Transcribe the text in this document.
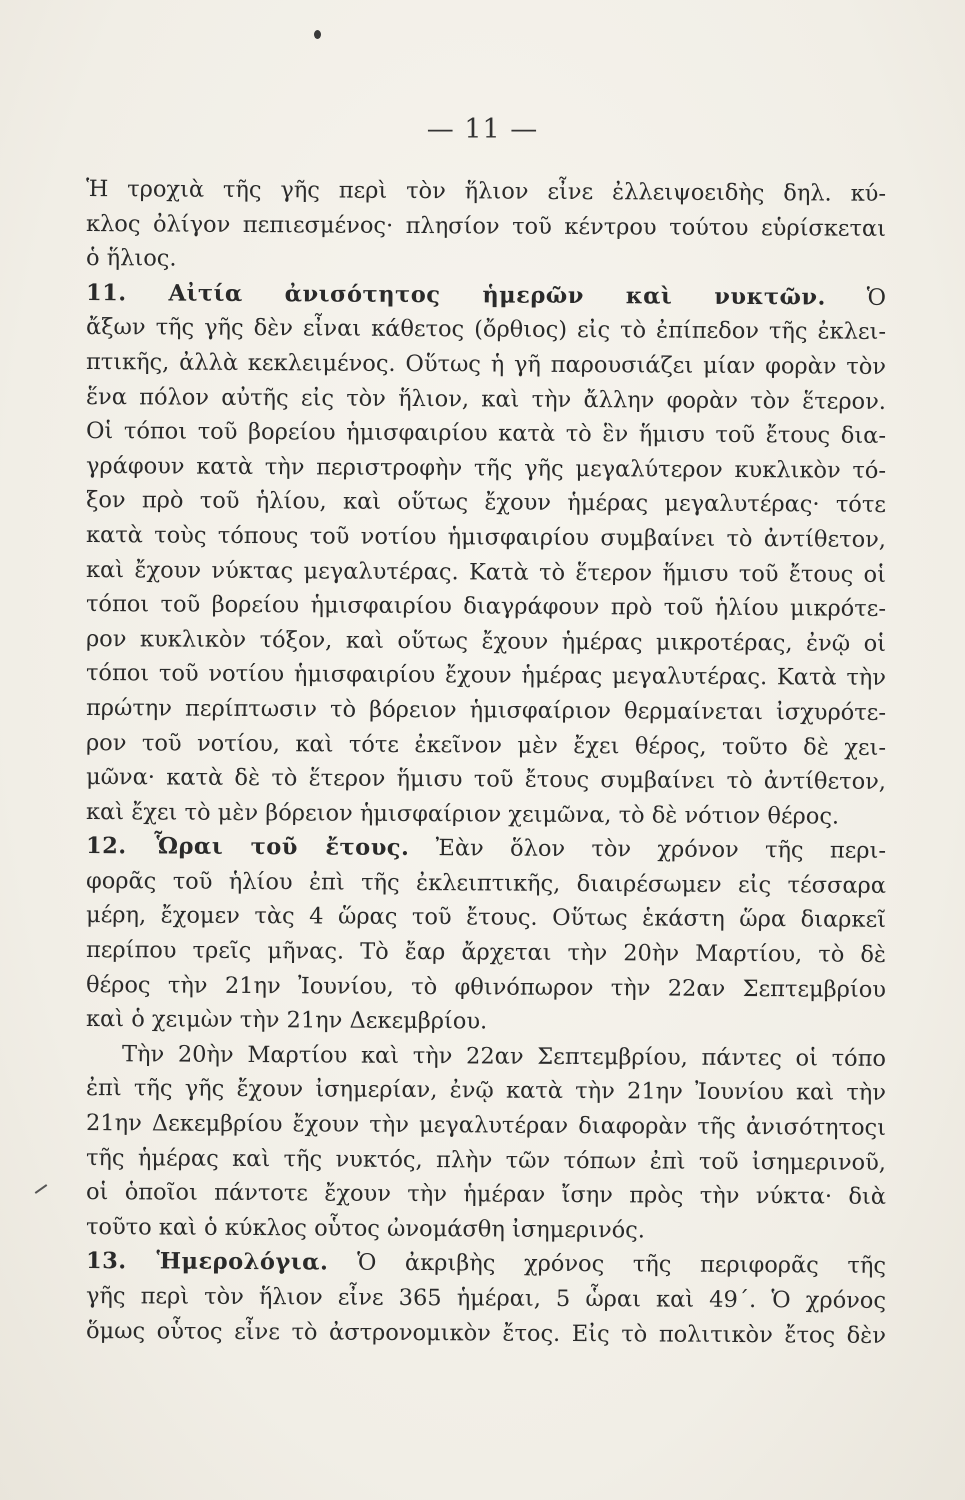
— 11 —
Ἡ τροχιὰ τῆς γῆς περὶ τὸν ἥλιον εἶνε ἐλλειψοειδὴς δηλ. κύ-
κλος ὀλίγον πεπιεσμένος· πλησίον τοῦ κέντρου τούτου εὑρίσκεται
ὁ ἥλιος.
11. Αἰτία ἀνισότητος ἡμερῶν καὶ νυκτῶν. Ὁ
ἄξων τῆς γῆς δὲν εἶναι κάθετος (ὄρθιος) εἰς τὸ ἐπίπεδον τῆς ἐκλει-
πτικῆς, ἀλλὰ κεκλειμένος. Οὕτως ἡ γῆ παρουσιάζει μίαν φορὰν τὸν
ἕνα πόλον αὐτῆς εἰς τὸν ἥλιον, καὶ τὴν ἄλλην φορὰν τὸν ἕτερον.
Οἱ τόποι τοῦ βορείου ἡμισφαιρίου κατὰ τὸ ἓν ἥμισυ τοῦ ἔτους δια-
γράφουν κατὰ τὴν περιστροφὴν τῆς γῆς μεγαλύτερον κυκλικὸν τό-
ξον πρὸ τοῦ ἡλίου, καὶ οὕτως ἔχουν ἡμέρας μεγαλυτέρας· τότε
κατὰ τοὺς τόπους τοῦ νοτίου ἡμισφαιρίου συμβαίνει τὸ ἀντίθετον,
καὶ ἔχουν νύκτας μεγαλυτέρας. Κατὰ τὸ ἕτερον ἥμισυ τοῦ ἔτους οἱ
τόποι τοῦ βορείου ἡμισφαιρίου διαγράφουν πρὸ τοῦ ἡλίου μικρότε-
ρον κυκλικὸν τόξον, καὶ οὕτως ἔχουν ἡμέρας μικροτέρας, ἐνῷ οἱ
τόποι τοῦ νοτίου ἡμισφαιρίου ἔχουν ἡμέρας μεγαλυτέρας. Κατὰ τὴν
πρώτην περίπτωσιν τὸ βόρειον ἡμισφαίριον θερμαίνεται ἰσχυρότε-
ρον τοῦ νοτίου, καὶ τότε ἐκεῖνον μὲν ἔχει θέρος, τοῦτο δὲ χει-
μῶνα· κατὰ δὲ τὸ ἕτερον ἥμισυ τοῦ ἔτους συμβαίνει τὸ ἀντίθετον,
καὶ ἔχει τὸ μὲν βόρειον ἡμισφαίριον χειμῶνα, τὸ δὲ νότιον θέρος.
12. Ὧραι τοῦ ἔτους. Ἐὰν ὅλον τὸν χρόνον τῆς περι-
φορᾶς τοῦ ἡλίου ἐπὶ τῆς ἐκλειπτικῆς, διαιρέσωμεν εἰς τέσσαρα
μέρη, ἔχομεν τὰς 4 ὥρας τοῦ ἔτους. Οὕτως ἑκάστη ὥρα διαρκεῖ
περίπου τρεῖς μῆνας. Τὸ ἔαρ ἄρχεται τὴν 20ὴν Μαρτίου, τὸ δὲ
θέρος τὴν 21ην Ἰουνίου, τὸ φθινόπωρον τὴν 22αν Σεπτεμβρίου
καὶ ὁ χειμὼν τὴν 21ην Δεκεμβρίου.
Τὴν 20ὴν Μαρτίου καὶ τὴν 22αν Σεπτεμβρίου, πάντες οἱ τόπο
ἐπὶ τῆς γῆς ἔχουν ἰσημερίαν, ἐνῷ κατὰ τὴν 21ην Ἰουνίου καὶ τὴν
21ην Δεκεμβρίου ἔχουν τὴν μεγαλυτέραν διαφορὰν τῆς ἀνισότητοςι
τῆς ἡμέρας καὶ τῆς νυκτός, πλὴν τῶν τόπων ἐπὶ τοῦ ἰσημερινοῦ,
οἱ ὁποῖοι πάντοτε ἔχουν τὴν ἡμέραν ἴσην πρὸς τὴν νύκτα· διὰ
τοῦτο καὶ ὁ κύκλος οὗτος ὠνομάσθη ἰσημερινός.
13. Ἡμερολόγια. Ὁ ἀκριβὴς χρόνος τῆς περιφορᾶς τῆς
γῆς περὶ τὸν ἥλιον εἶνε 365 ἡμέραι, 5 ὧραι καὶ 49΄. Ὁ χρόνος
ὅμως οὗτος εἶνε τὸ ἀστρονομικὸν ἔτος. Εἰς τὸ πολιτικὸν ἔτος δὲν
